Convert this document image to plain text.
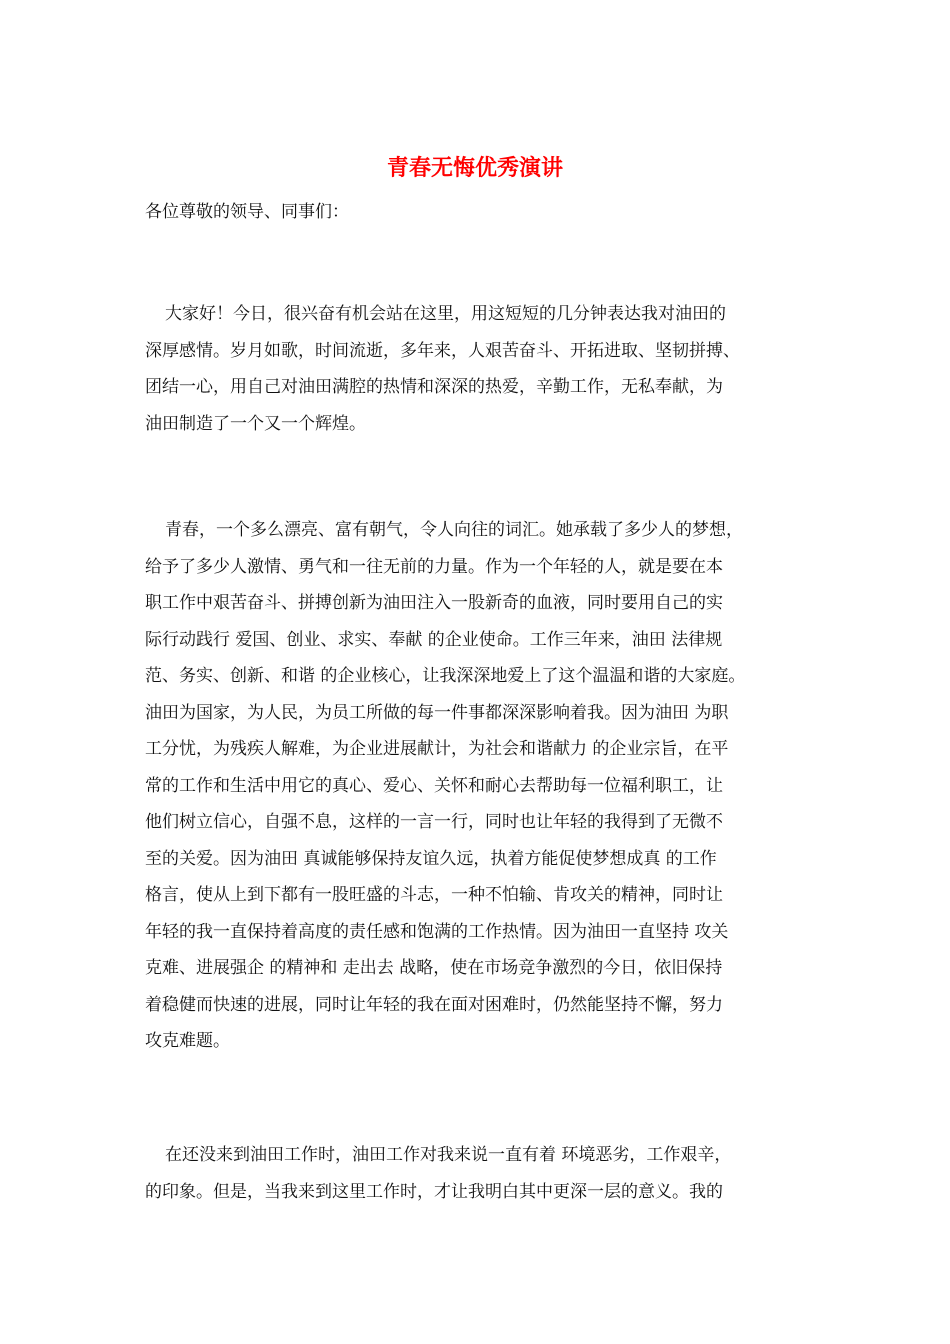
青春无悔优秀演讲

各位尊敬的领导、同事们：

大家好！今日，很兴奋有机会站在这里，用这短短的几分钟表达我对油田的
深厚感情。岁月如歌，时间流逝，多年来，人艰苦奋斗、开拓进取、坚韧拼搏、
团结一心，用自己对油田满腔的热情和深深的热爱，辛勤工作，无私奉献，为
油田制造了一个又一个辉煌。
青春，一个多么漂亮、富有朝气，令人向往的词汇。她承载了多少人的梦想，
给予了多少人激情、勇气和一往无前的力量。作为一个年轻的人，就是要在本
职工作中艰苦奋斗、拼搏创新为油田注入一股新奇的血液，同时要用自己的实
际行动践行 爱国、创业、求实、奉献 的企业使命。工作三年来，油田 法律规
范、务实、创新、和谐 的企业核心，让我深深地爱上了这个温温和谐的大家庭。
油田为国家，为人民，为员工所做的每一件事都深深影响着我。因为油田 为职
工分忧，为残疾人解难，为企业进展献计，为社会和谐献力 的企业宗旨，在平
常的工作和生活中用它的真心、爱心、关怀和耐心去帮助每一位福利职工，让
他们树立信心，自强不息，这样的一言一行，同时也让年轻的我得到了无微不
至的关爱。因为油田 真诚能够保持友谊久远，执着方能促使梦想成真 的工作
格言，使从上到下都有一股旺盛的斗志，一种不怕输、肯攻关的精神，同时让
年轻的我一直保持着高度的责任感和饱满的工作热情。因为油田一直坚持 攻关
克难、进展强企 的精神和 走出去 战略，使在市场竞争激烈的今日，依旧保持
着稳健而快速的进展，同时让年轻的我在面对困难时，仍然能坚持不懈，努力
攻克难题。
在还没来到油田工作时，油田工作对我来说一直有着 环境恶劣，工作艰辛，
的印象。但是，当我来到这里工作时，才让我明白其中更深一层的意义。我的
